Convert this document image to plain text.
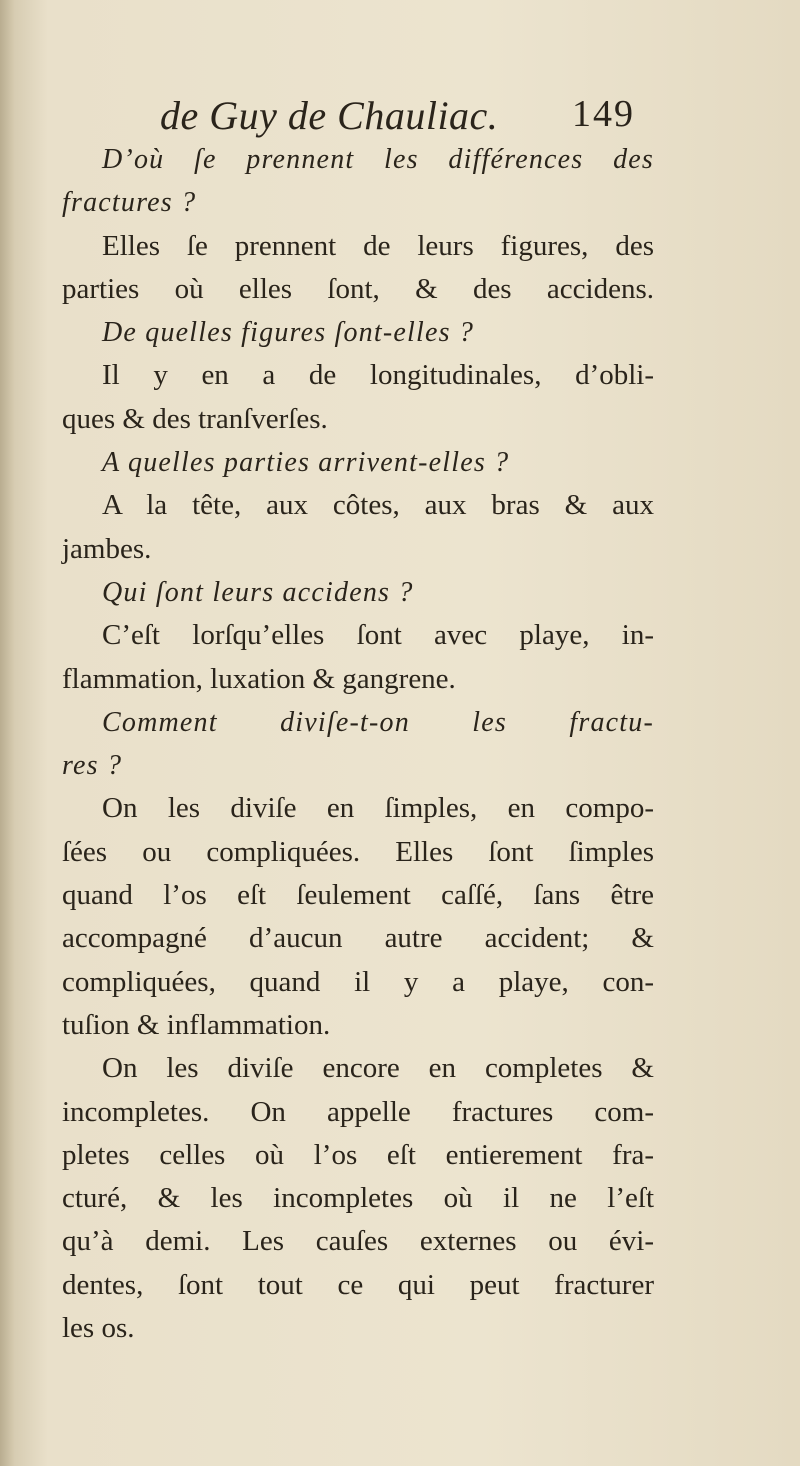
de Guy de Chauliac. 149
D’où ſe prennent les différences des
fractures ?
Elles ſe prennent de leurs figures, des
parties où elles ſont, & des accidens.
De quelles figures ſont-elles ?
Il y en a de longitudinales, d’obli-
ques & des tranſverſes.
A quelles parties arrivent-elles ?
A la tête, aux côtes, aux bras & aux
jambes.
Qui ſont leurs accidens ?
C’eſt lorſqu’elles ſont avec playe, in-
flammation, luxation & gangrene.
Comment diviſe-t-on les fractu-
res ?
On les diviſe en ſimples, en compo-
ſées ou compliquées. Elles ſont ſimples
quand l’os eſt ſeulement caſſé, ſans être
accompagné d’aucun autre accident; &
compliquées, quand il y a playe, con-
tuſion & inflammation.
On les diviſe encore en completes &
incompletes. On appelle fractures com-
pletes celles où l’os eſt entierement fra-
cturé, & les incompletes où il ne l’eſt
qu’à demi. Les cauſes externes ou évi-
dentes, ſont tout ce qui peut fracturer
les os.
